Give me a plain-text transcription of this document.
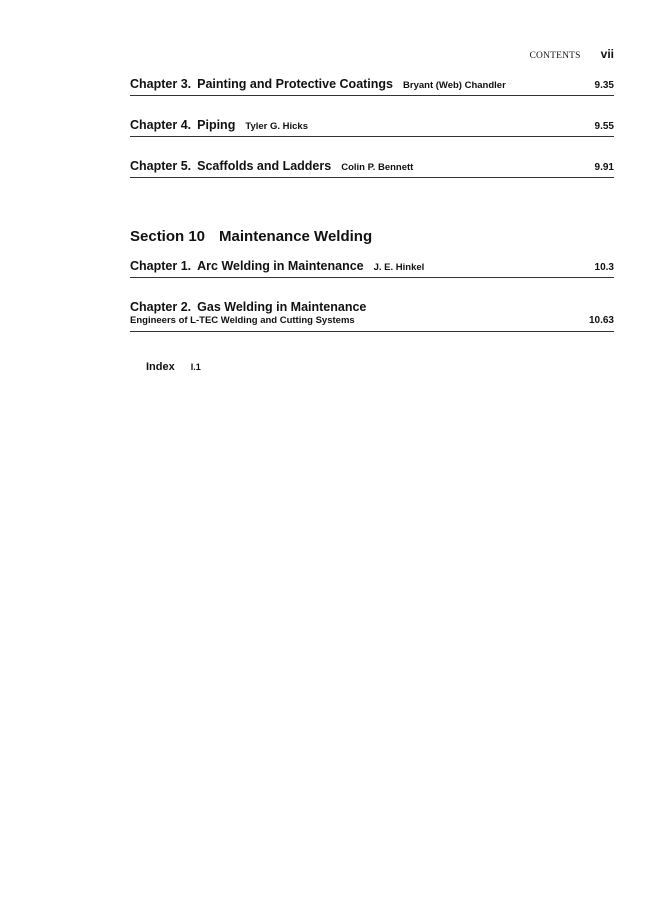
CONTENTS vii
Chapter 3. Painting and Protective Coatings Bryant (Web) Chandler	9.35
Chapter 4. Piping Tyler G. Hicks	9.55
Chapter 5. Scaffolds and Ladders Colin P. Bennett	9.91
Section 10 Maintenance Welding
Chapter 1. Arc Welding in Maintenance J. E. Hinkel	10.3
Chapter 2. Gas Welding in Maintenance
Engineers of L-TEC Welding and Cutting Systems	10.63
Index I.1
